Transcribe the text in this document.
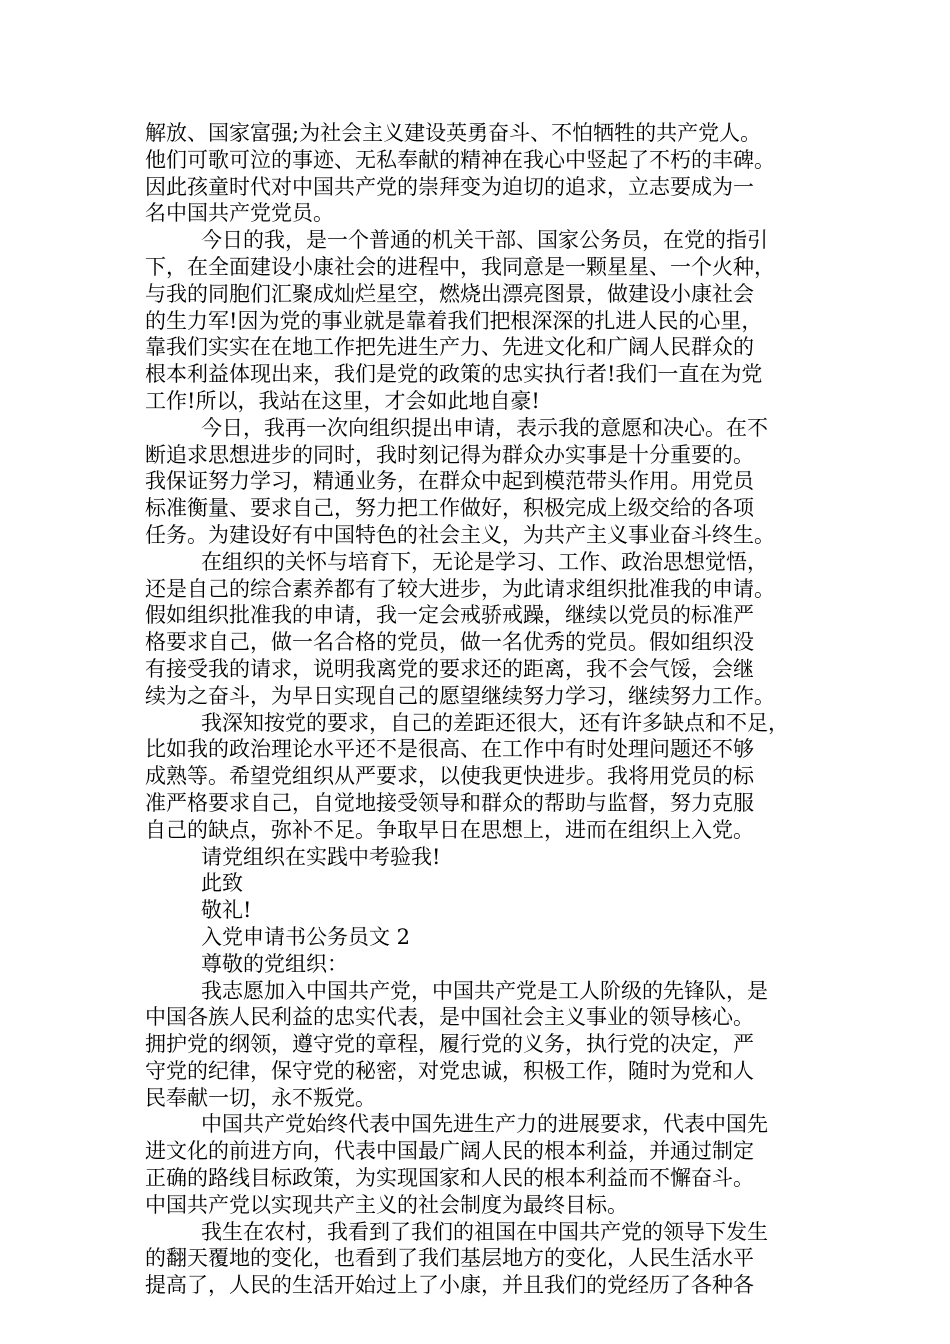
解放、国家富强;为社会主义建设英勇奋斗、不怕牺牲的共产党人。
他们可歌可泣的事迹、无私奉献的精神在我心中竖起了不朽的丰碑。
因此孩童时代对中国共产党的崇拜变为迫切的追求，立志要成为一
名中国共产党党员。
今日的我，是一个普通的机关干部、国家公务员，在党的指引
下，在全面建设小康社会的进程中，我同意是一颗星星、一个火种，
与我的同胞们汇聚成灿烂星空，燃烧出漂亮图景，做建设小康社会
的生力军!因为党的事业就是靠着我们把根深深的扎进人民的心里，
靠我们实实在在地工作把先进生产力、先进文化和广阔人民群众的
根本利益体现出来，我们是党的政策的忠实执行者!我们一直在为党
工作!所以，我站在这里，才会如此地自豪!
今日，我再一次向组织提出申请，表示我的意愿和决心。在不
断追求思想进步的同时，我时刻记得为群众办实事是十分重要的。
我保证努力学习，精通业务，在群众中起到模范带头作用。用党员
标准衡量、要求自己，努力把工作做好，积极完成上级交给的各项
任务。为建设好有中国特色的社会主义，为共产主义事业奋斗终生。
在组织的关怀与培育下，无论是学习、工作、政治思想觉悟，
还是自己的综合素养都有了较大进步，为此请求组织批准我的申请。
假如组织批准我的申请，我一定会戒骄戒躁，继续以党员的标准严
格要求自己，做一名合格的党员，做一名优秀的党员。假如组织没
有接受我的请求，说明我离党的要求还的距离，我不会气馁，会继
续为之奋斗，为早日实现自己的愿望继续努力学习，继续努力工作。
我深知按党的要求，自己的差距还很大，还有许多缺点和不足，
比如我的政治理论水平还不是很高、在工作中有时处理问题还不够
成熟等。希望党组织从严要求，以使我更快进步。我将用党员的标
准严格要求自己，自觉地接受领导和群众的帮助与监督，努力克服
自己的缺点，弥补不足。争取早日在思想上，进而在组织上入党。
请党组织在实践中考验我!
此致
敬礼!
入党申请书公务员文 2
尊敬的党组织：
我志愿加入中国共产党，中国共产党是工人阶级的先锋队，是
中国各族人民利益的忠实代表，是中国社会主义事业的领导核心。
拥护党的纲领，遵守党的章程，履行党的义务，执行党的决定，严
守党的纪律，保守党的秘密，对党忠诚，积极工作，随时为党和人
民奉献一切，永不叛党。
中国共产党始终代表中国先进生产力的进展要求，代表中国先
进文化的前进方向，代表中国最广阔人民的根本利益，并通过制定
正确的路线目标政策，为实现国家和人民的根本利益而不懈奋斗。
中国共产党以实现共产主义的社会制度为最终目标。
我生在农村，我看到了我们的祖国在中国共产党的领导下发生
的翻天覆地的变化，也看到了我们基层地方的变化，人民生活水平
提高了，人民的生活开始过上了小康，并且我们的党经历了各种各
